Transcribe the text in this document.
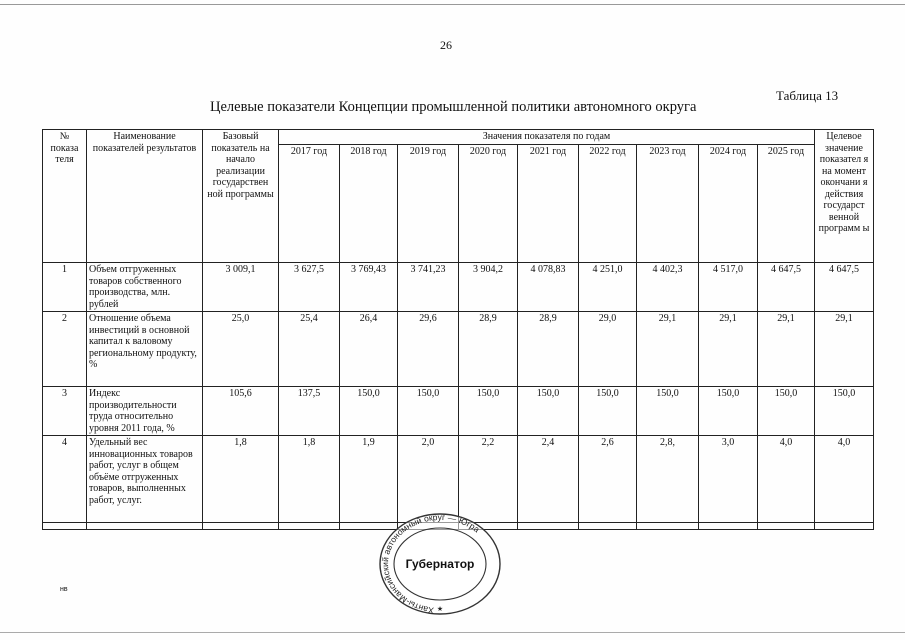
26
Таблица 13
Целевые показатели Концепции промышленной политики автономного округа
№ показа теля	Наименование показателей результатов	Базовый показатель на начало реализации государствен ной программы	Значения показателя по годам									Целевое значение показател я на момент окончани я действия государст венной программ ы
			2017 год	2018 год	2019 год	2020 год	2021 год	2022 год	2023 год	2024 год	2025 год	
1	Объем отгруженных товаров собственного производства, млн. рублей	3 009,1	3 627,5	3 769,43	3 741,23	3 904,2	4 078,83	4 251,0	4 402,3	4 517,0	4 647,5	4 647,5
2	Отношение объема инвестиций в основной капитал к валовому региональному продукту, %	25,0	25,4	26,4	29,6	28,9	28,9	29,0	29,1	29,1	29,1	29,1
3	Индекс производительности труда относительно уровня 2011 года, %	105,6	137,5	150,0	150,0	150,0	150,0	150,0	150,0	150,0	150,0	150,0
4	Удельный вес инновационных товаров работ, услуг в общем объёме отгруженных товаров, выполненных работ, услуг.	1,8	1,8	1,9	2,0	2,2	2,4	2,6	2,8,	3,0	4,0	4,0

Ханты-Мансийский автономный округ — Югра
Губернатор
★
нв
